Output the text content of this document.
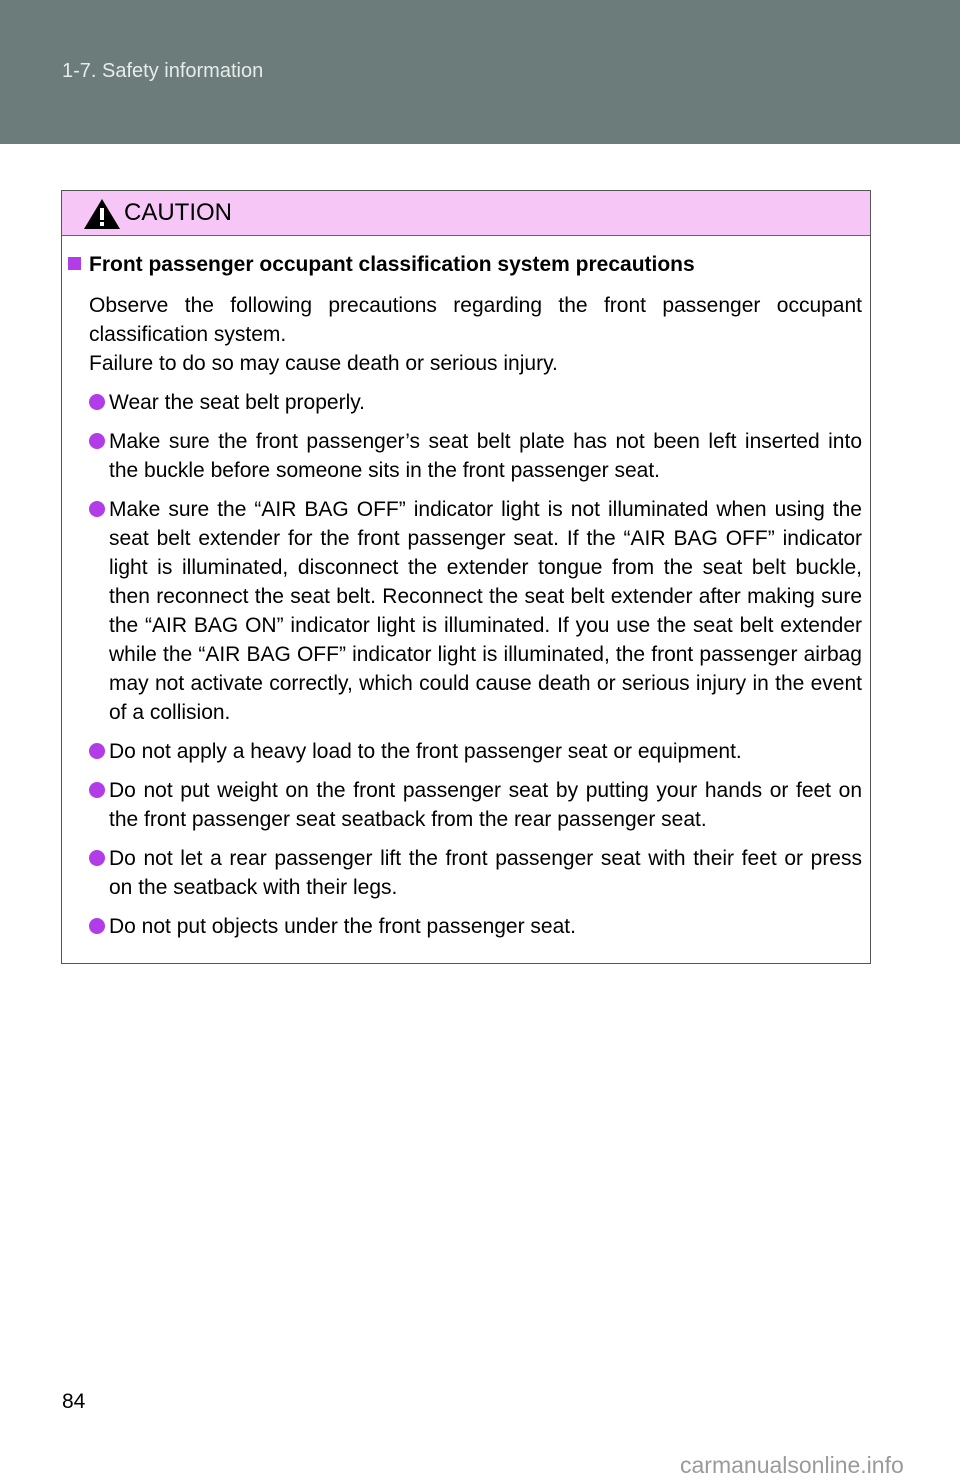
1-7. Safety information
CAUTION
Front passenger occupant classification system precautions
Observe the following precautions regarding the front passenger occupant classification system.
Failure to do so may cause death or serious injury.
Wear the seat belt properly.
Make sure the front passenger’s seat belt plate has not been left inserted into the buckle before someone sits in the front passenger seat.
Make sure the “AIR BAG OFF” indicator light is not illuminated when using the seat belt extender for the front passenger seat. If the “AIR BAG OFF” indicator light is illuminated, disconnect the extender tongue from the seat belt buckle, then reconnect the seat belt. Reconnect the seat belt extender after making sure the “AIR BAG ON” indicator light is illuminated. If you use the seat belt extender while the “AIR BAG OFF” indicator light is illuminated, the front passenger airbag may not activate correctly, which could cause death or serious injury in the event of a collision.
Do not apply a heavy load to the front passenger seat or equipment.
Do not put weight on the front passenger seat by putting your hands or feet on the front passenger seat seatback from the rear passenger seat.
Do not let a rear passenger lift the front passenger seat with their feet or press on the seatback with their legs.
Do not put objects under the front passenger seat.
84
carmanualsonline.info
